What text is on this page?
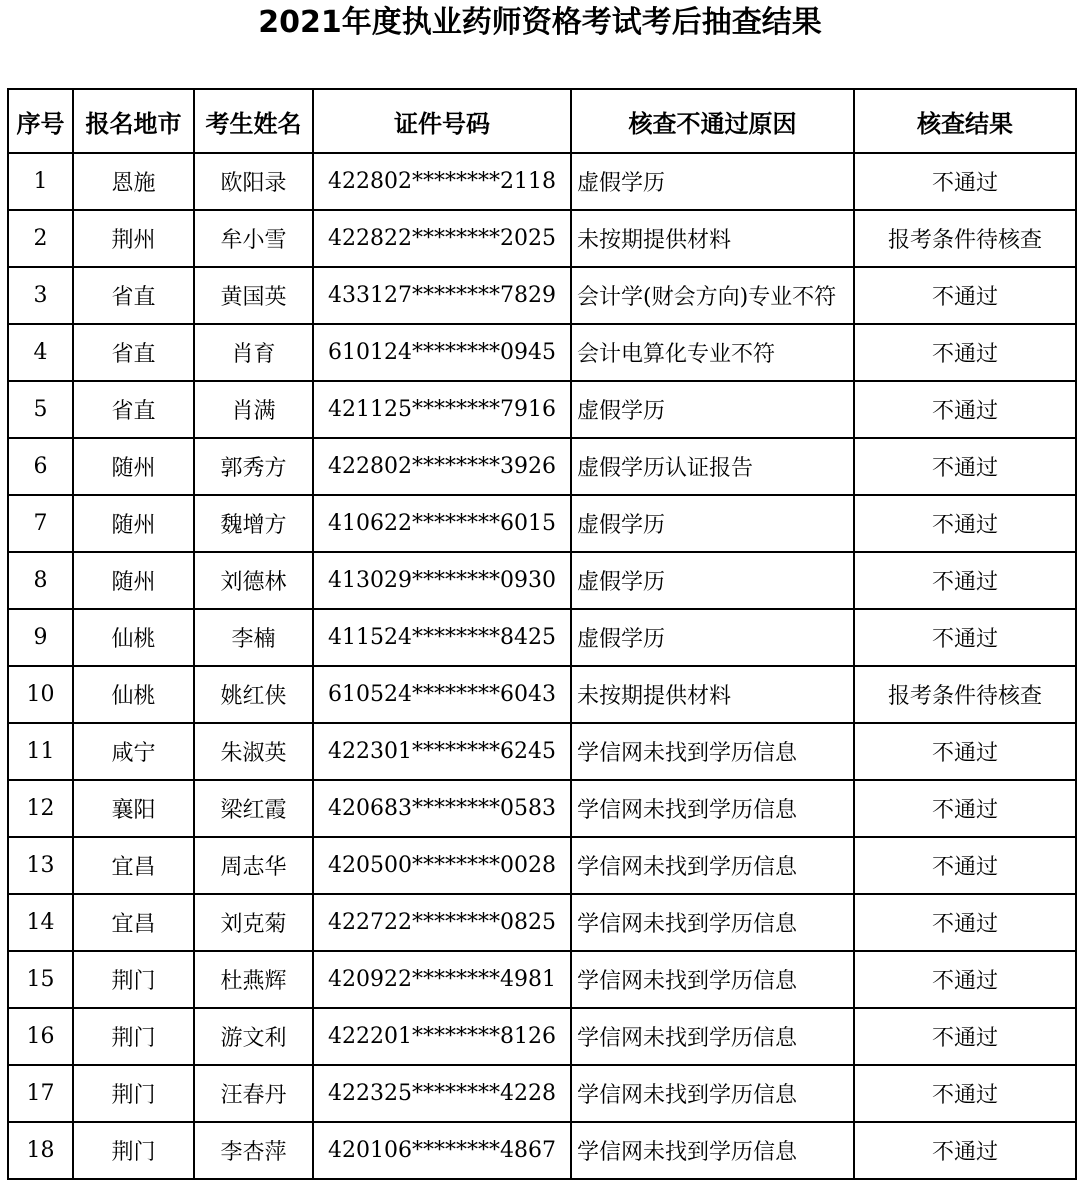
2021年度执业药师资格考试考后抽查结果
序号	报名地市	考生姓名	证件号码	核查不通过原因	核查结果
1	恩施	欧阳录	422802********2118	虚假学历	不通过
2	荆州	牟小雪	422822********2025	未按期提供材料	报考条件待核查
3	省直	黄国英	433127********7829	会计学(财会方向)专业不符	不通过
4	省直	肖育	610124********0945	会计电算化专业不符	不通过
5	省直	肖满	421125********7916	虚假学历	不通过
6	随州	郭秀方	422802********3926	虚假学历认证报告	不通过
7	随州	魏增方	410622********6015	虚假学历	不通过
8	随州	刘德林	413029********0930	虚假学历	不通过
9	仙桃	李楠	411524********8425	虚假学历	不通过
10	仙桃	姚红侠	610524********6043	未按期提供材料	报考条件待核查
11	咸宁	朱淑英	422301********6245	学信网未找到学历信息	不通过
12	襄阳	梁红霞	420683********0583	学信网未找到学历信息	不通过
13	宜昌	周志华	420500********0028	学信网未找到学历信息	不通过
14	宜昌	刘克菊	422722********0825	学信网未找到学历信息	不通过
15	荆门	杜燕辉	420922********4981	学信网未找到学历信息	不通过
16	荆门	游文利	422201********8126	学信网未找到学历信息	不通过
17	荆门	汪春丹	422325********4228	学信网未找到学历信息	不通过
18	荆门	李杏萍	420106********4867	学信网未找到学历信息	不通过
